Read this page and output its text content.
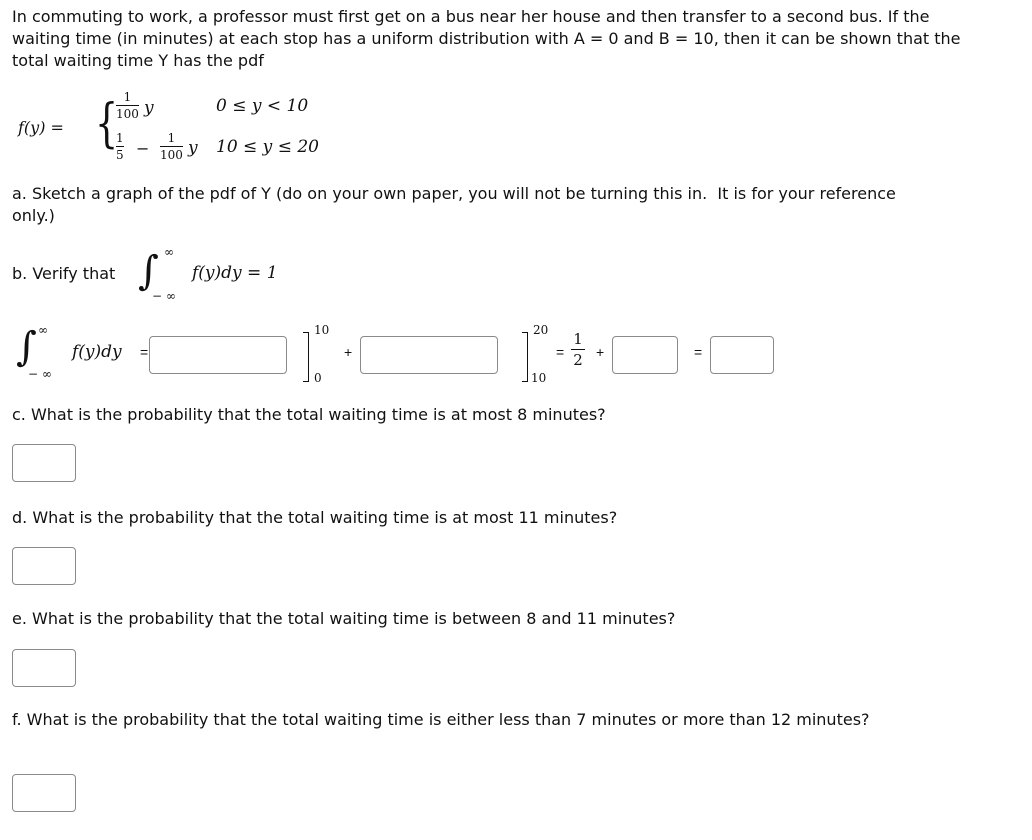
In commuting to work, a professor must first get on a bus near her house and then transfer to a second bus. If the waiting time (in minutes) at each stop has a uniform distribution with A = 0 and B = 10, then it can be shown that the total waiting time Y has the pdf

f(y) = { 1
100 y	0 ≤ y < 10
1
5 −
1
100 y 10 ≤ y ≤ 20

a. Sketch a graph of the pdf of Y (do on your own paper, you will not be turning this in.  It is for your reference only.)

b. Verify that ∫ ∞
− ∞
f(y)dy = 1
∫ ∞
− ∞
f(y)dy =
10
0
+
20
10
=
1
2 +	=

c. What is the probability that the total waiting time is at most 8 minutes?

d. What is the probability that the total waiting time is at most 11 minutes?

e. What is the probability that the total waiting time is between 8 and 11 minutes?

f. What is the probability that the total waiting time is either less than 7 minutes or more than 12 minutes?
